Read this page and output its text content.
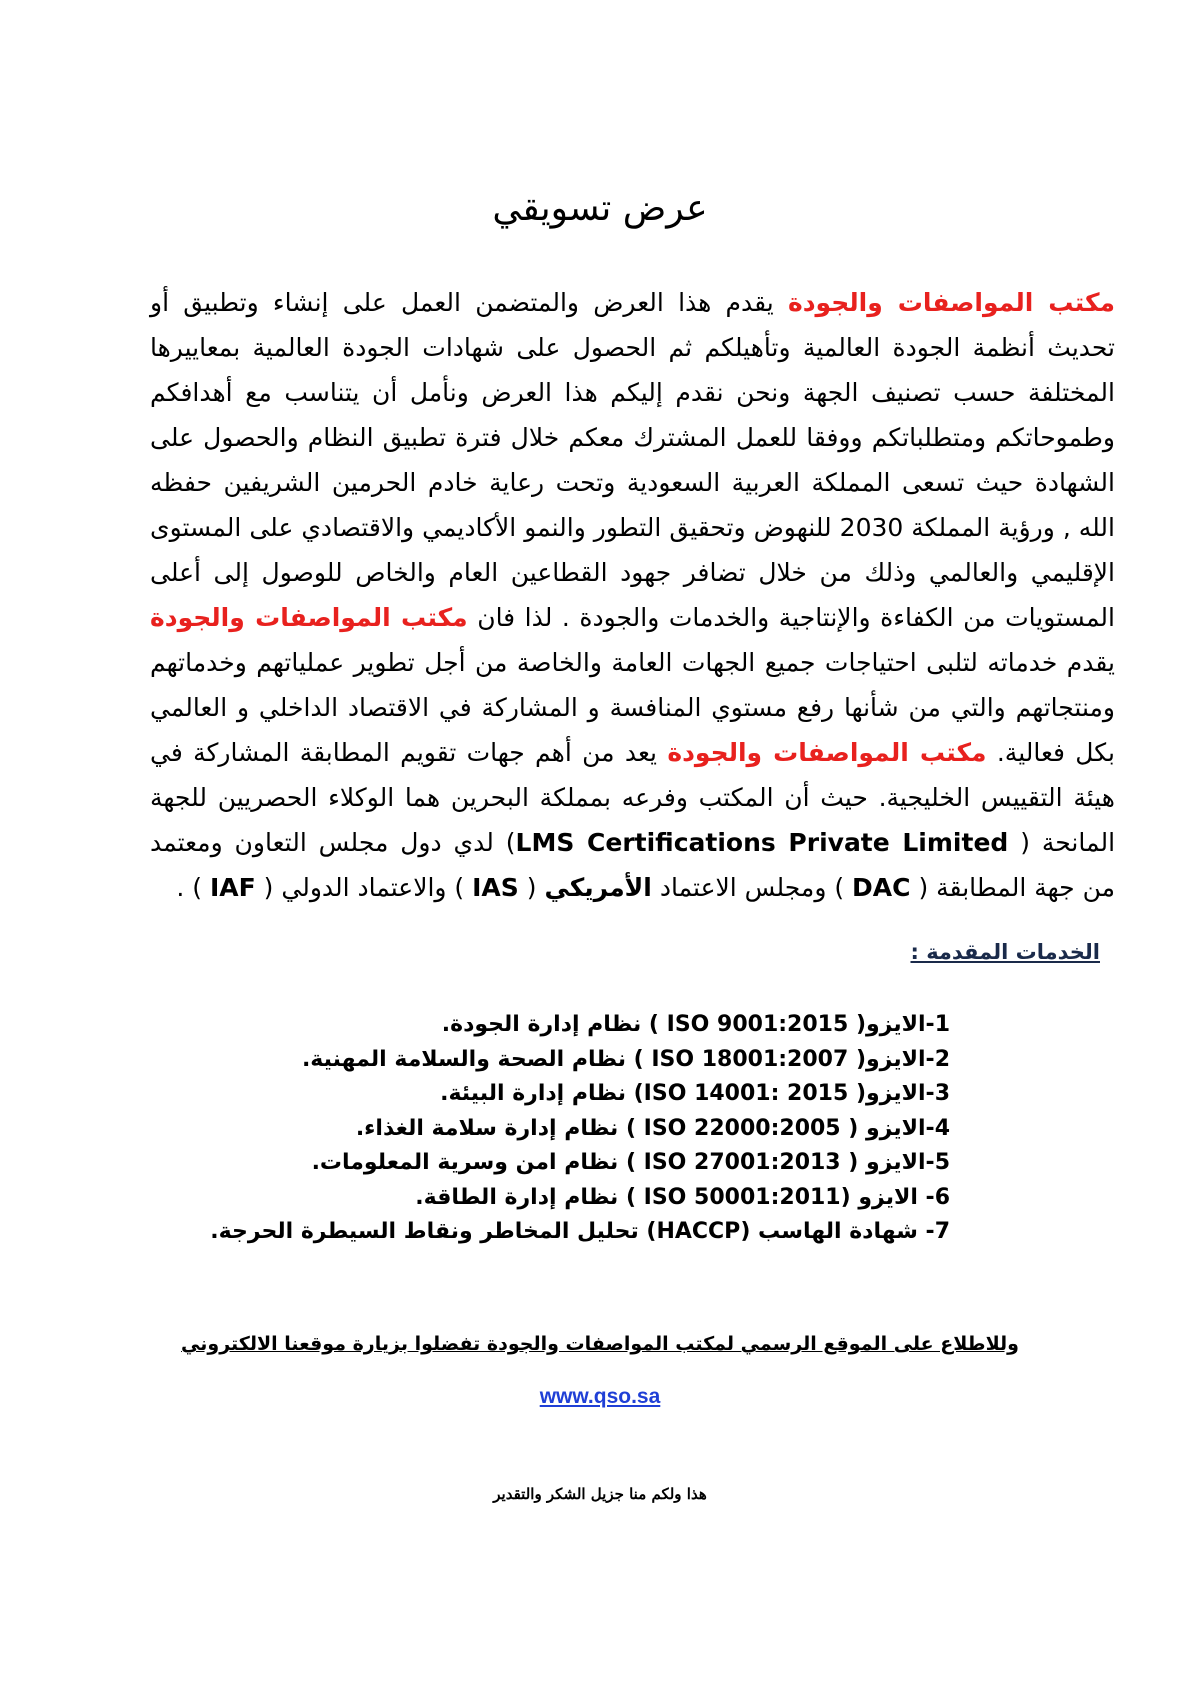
عرض تسويقي

مكتب المواصفات والجودة يقدم هذا العرض والمتضمن العمل على إنشاء وتطبيق أو تحديث أنظمة الجودة العالمية وتأهيلكم ثم الحصول على شهادات الجودة العالمية بمعاييرها المختلفة حسب تصنيف الجهة ونحن نقدم إليكم هذا العرض ونأمل أن يتناسب مع أهدافكم وطموحاتكم ومتطلباتكم ووفقا للعمل المشترك معكم خلال فترة تطبيق النظام والحصول على الشهادة حيث تسعى المملكة العربية السعودية وتحت رعاية خادم الحرمين الشريفين حفظه الله , ورؤية المملكة 2030 للنهوض وتحقيق التطور والنمو الأكاديمي والاقتصادي على المستوى الإقليمي والعالمي وذلك من خلال تضافر جهود القطاعين العام والخاص للوصول إلى أعلى المستويات من الكفاءة والإنتاجية والخدمات والجودة . لذا فان مكتب المواصفات والجودة يقدم خدماته لتلبى احتياجات جميع الجهات العامة والخاصة من أجل تطوير عملياتهم وخدماتهم ومنتجاتهم والتي من شأنها رفع مستوي المنافسة و المشاركة في الاقتصاد الداخلي و العالمي بكل فعالية. مكتب المواصفات والجودة يعد من أهم جهات تقويم المطابقة المشاركة في هيئة التقييس الخليجية. حيث أن المكتب وفرعه بمملكة البحرين هما الوكلاء الحصريين للجهة المانحة ( LMS Certifications Private Limited) لدي دول مجلس التعاون ومعتمد من جهة المطابقة ( DAC ) ومجلس الاعتماد الأمريكي ( IAS ) والاعتماد الدولي ( IAF ) .

الخدمات المقدمة :
1-الايزو( ISO 9001:2015 ) نظام إدارة الجودة.
2-الايزو( ISO 18001:2007 ) نظام الصحة والسلامة المهنية.
3-الايزو( ISO 14001: 2015) نظام إدارة البيئة.
4-الايزو ( ISO 22000:2005 ) نظام إدارة سلامة الغذاء.
5-الايزو ( ISO 27001:2013 ) نظام امن وسرية المعلومات.
6- الايزو (ISO 50001:2011 ) نظام إدارة الطاقة.
7- شهادة الهاسب (HACCP) تحليل المخاطر ونقاط السيطرة الحرجة.

وللاطلاع على الموقع الرسمي لمكتب المواصفات والجودة تفضلوا بزيارة موقعنا الالكتروني

www.qso.sa

هذا ولكم منا جزيل الشكر والتقدير
